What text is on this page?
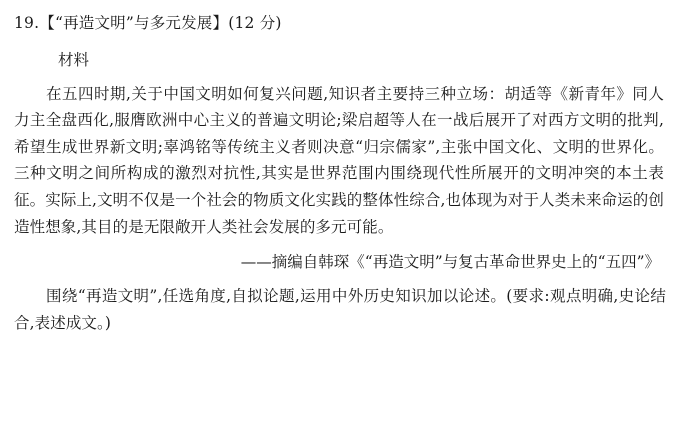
19.【“再造文明”与多元发展】(12 分)
材料
在五四时期,关于中国文明如何复兴问题,知识者主要持三种立场：胡适等《新青年》同人力主全盘西化,服膺欧洲中心主义的普遍文明论;梁启超等人在一战后展开了对西方文明的批判,希望生成世界新文明;辜鸿铭等传统主义者则决意“归宗儒家”,主张中国文化、文明的世界化。三种文明之间所构成的激烈对抗性,其实是世界范围内围绕现代性所展开的文明冲突的本土表征。实际上,文明不仅是一个社会的物质文化实践的整体性综合,也体现为对于人类未来命运的创造性想象,其目的是无限敞开人类社会发展的多元可能。
——摘编自韩琛《“再造文明”与复古革命世界史上的“五四”》
围绕“再造文明”,任选角度,自拟论题,运用中外历史知识加以论述。(要求:观点明确,史论结合,表述成文。)
